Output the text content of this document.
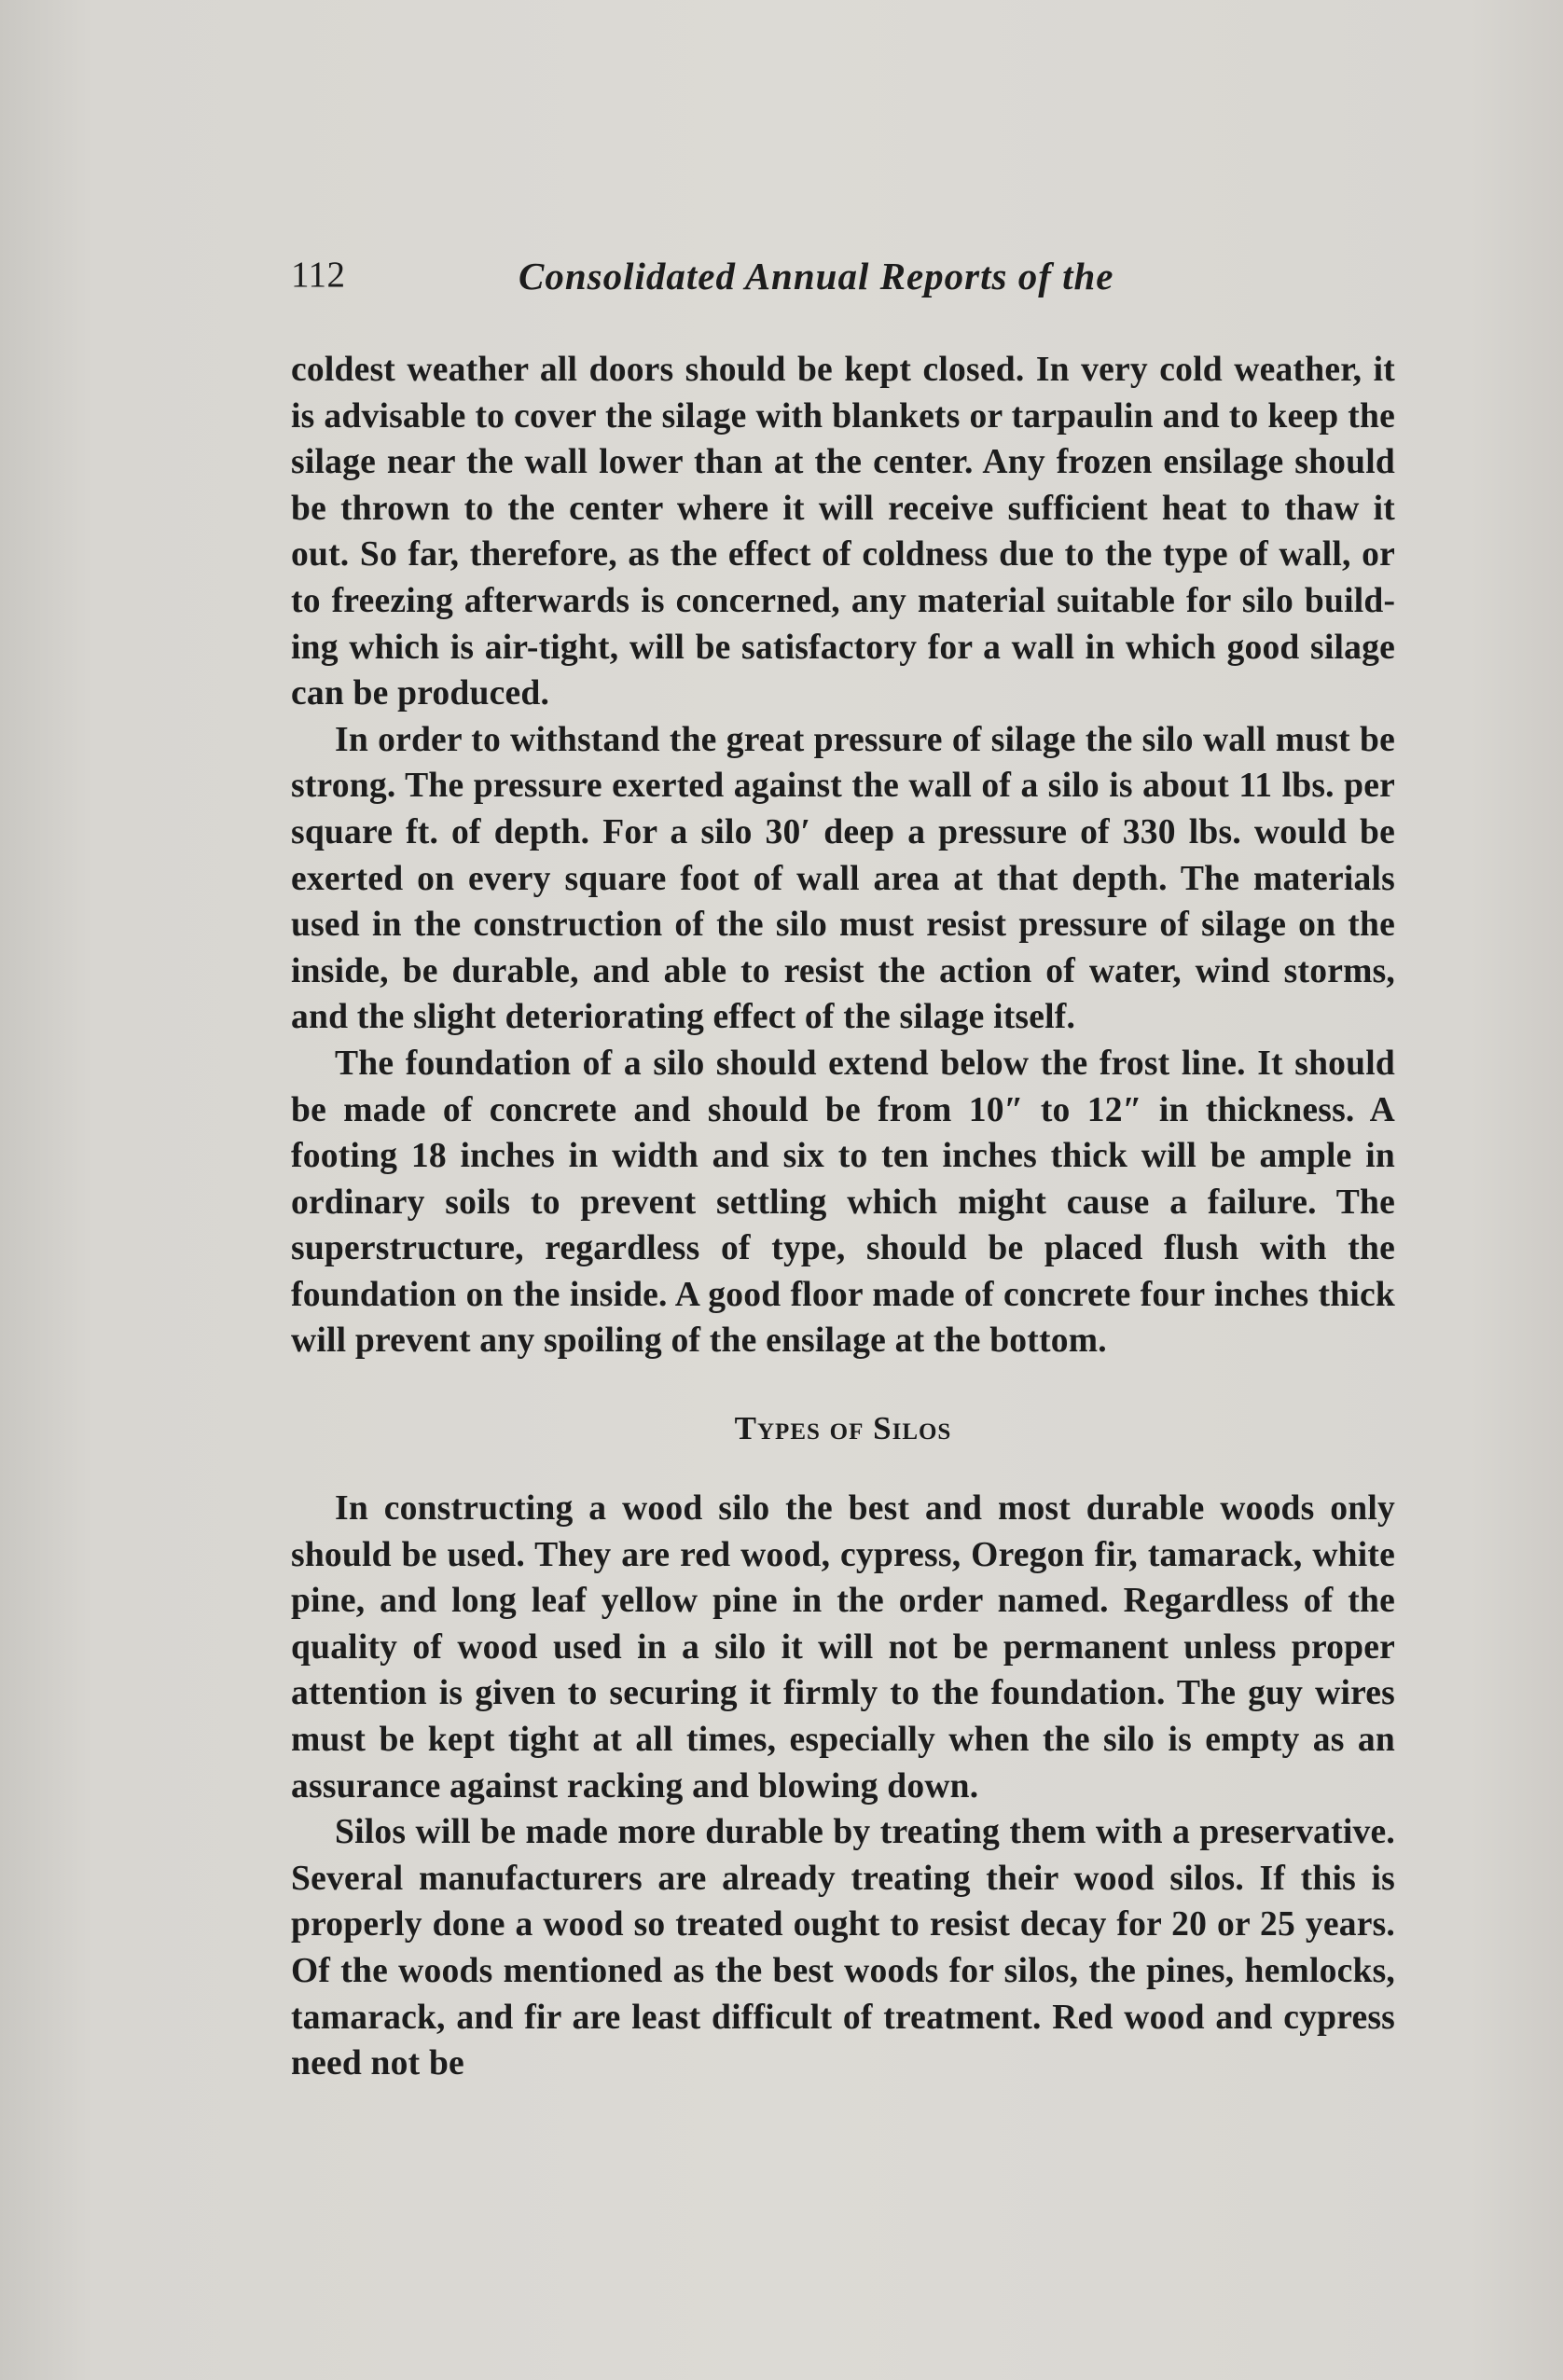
112	Consolidated Annual Reports of the

coldest weather all doors should be kept closed. In very cold weather, it is advisable to cover the silage with blankets or tarpaulin and to keep the silage near the wall lower than at the center. Any frozen ensilage should be thrown to the center where it will receive sufficient heat to thaw it out. So far, therefore, as the effect of coldness due to the type of wall, or to freezing afterwards is concerned, any material suitable for silo building which is air-tight, will be satisfactory for a wall in which good silage can be produced.

In order to withstand the great pressure of silage the silo wall must be strong. The pressure exerted against the wall of a silo is about 11 lbs. per square ft. of depth. For a silo 30′ deep a pressure of 330 lbs. would be exerted on every square foot of wall area at that depth. The materials used in the construction of the silo must resist pressure of silage on the inside, be durable, and able to resist the action of water, wind storms, and the slight deteriorating effect of the silage itself.

The foundation of a silo should extend below the frost line. It should be made of concrete and should be from 10″ to 12″ in thickness. A footing 18 inches in width and six to ten inches thick will be ample in ordinary soils to prevent settling which might cause a failure. The superstructure, regardless of type, should be placed flush with the foundation on the inside. A good floor made of concrete four inches thick will prevent any spoiling of the ensilage at the bottom.

Types of Silos

In constructing a wood silo the best and most durable woods only should be used. They are red wood, cypress, Oregon fir, tamarack, white pine, and long leaf yellow pine in the order named. Regardless of the quality of wood used in a silo it will not be permanent unless proper attention is given to securing it firmly to the foundation. The guy wires must be kept tight at all times, especially when the silo is empty as an assurance against racking and blowing down.

Silos will be made more durable by treating them with a preservative. Several manufacturers are already treating their wood silos. If this is properly done a wood so treated ought to resist decay for 20 or 25 years. Of the woods mentioned as the best woods for silos, the pines, hemlocks, tamarack, and fir are least difficult of treatment. Red wood and cypress need not be
